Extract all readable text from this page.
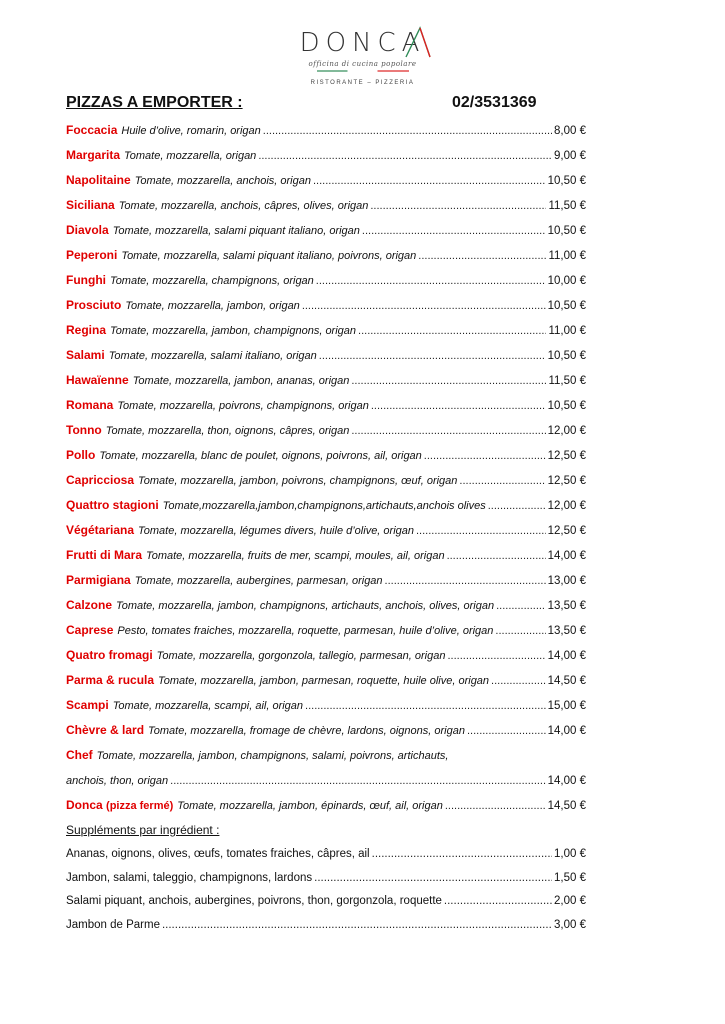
DONCA
officina di cucina popolare
RISTORANTE – PIZZERIA
PIZZAS A EMPORTER :	02/3531369
Foccacia Huile d’olive, romarin, origan .....	8,00 €
Margarita Tomate, mozzarella, origan .....	9,00 €
Napolitaine Tomate, mozzarella, anchois, origan .....	10,50 €
Siciliana Tomate, mozzarella, anchois, câpres, olives, origan .....	11,50 €
Diavola Tomate, mozzarella, salami piquant italiano, origan .....	10,50 €
Peperoni Tomate, mozzarella, salami piquant italiano, poivrons, origan .....	11,00 €
Funghi Tomate, mozzarella, champignons, origan .....	10,00 €
Prosciuto Tomate, mozzarella, jambon, origan .....	10,50 €
Regina Tomate, mozzarella, jambon, champignons, origan .....	11,00 €
Salami Tomate, mozzarella, salami italiano, origan .....	10,50 €
Hawaïenne Tomate, mozzarella, jambon, ananas, origan .....	11,50 €
Romana Tomate, mozzarella, poivrons, champignons, origan .....	10,50 €
Tonno Tomate, mozzarella, thon, oignons, câpres, origan .....	12,00 €
Pollo Tomate, mozzarella, blanc de poulet, oignons, poivrons, ail, origan .....	12,50 €
Capricciosa Tomate, mozzarella, jambon, poivrons, champignons, œuf, origan .....	12,50 €
Quattro stagioni Tomate,mozzarella,jambon,champignons,artichauts,anchois olives .....	12,00 €
Végétariana Tomate, mozzarella, légumes divers, huile d’olive, origan .....	12,50 €
Frutti di Mara Tomate, mozzarella, fruits de mer, scampi, moules, ail, origan .....	14,00 €
Parmigiana Tomate, mozzarella, aubergines, parmesan, origan .....	13,00 €
Calzone Tomate, mozzarella, jambon, champignons, artichauts, anchois, olives, origan .....	13,50 €
Caprese Pesto, tomates fraiches, mozzarella, roquette, parmesan, huile d’olive, origan .....	13,50 €
Quatro fromagi Tomate, mozzarella, gorgonzola, tallegio, parmesan, origan .....	14,00 €
Parma & rucula Tomate, mozzarella, jambon, parmesan, roquette, huile olive, origan .....	14,50 €
Scampi Tomate, mozzarella, scampi, ail, origan .....	15,00 €
Chèvre & lard Tomate, mozzarella, fromage de chèvre, lardons, oignons, origan .....	14,00 €
Chef Tomate, mozzarella, jambon, champignons, salami, poivrons, artichauts,
anchois, thon, origan .....	14,00 €
Donca (pizza fermé) Tomate, mozzarella, jambon, épinards, œuf, ail, origan .....	14,50 €
Suppléments par ingrédient :
Ananas, oignons, olives, œufs, tomates fraiches, câpres, ail .....	1,00 €
Jambon, salami, taleggio, champignons, lardons .....	1,50 €
Salami piquant, anchois, aubergines, poivrons, thon, gorgonzola, roquette .....	2,00 €
Jambon de Parme .....	3,00 €
